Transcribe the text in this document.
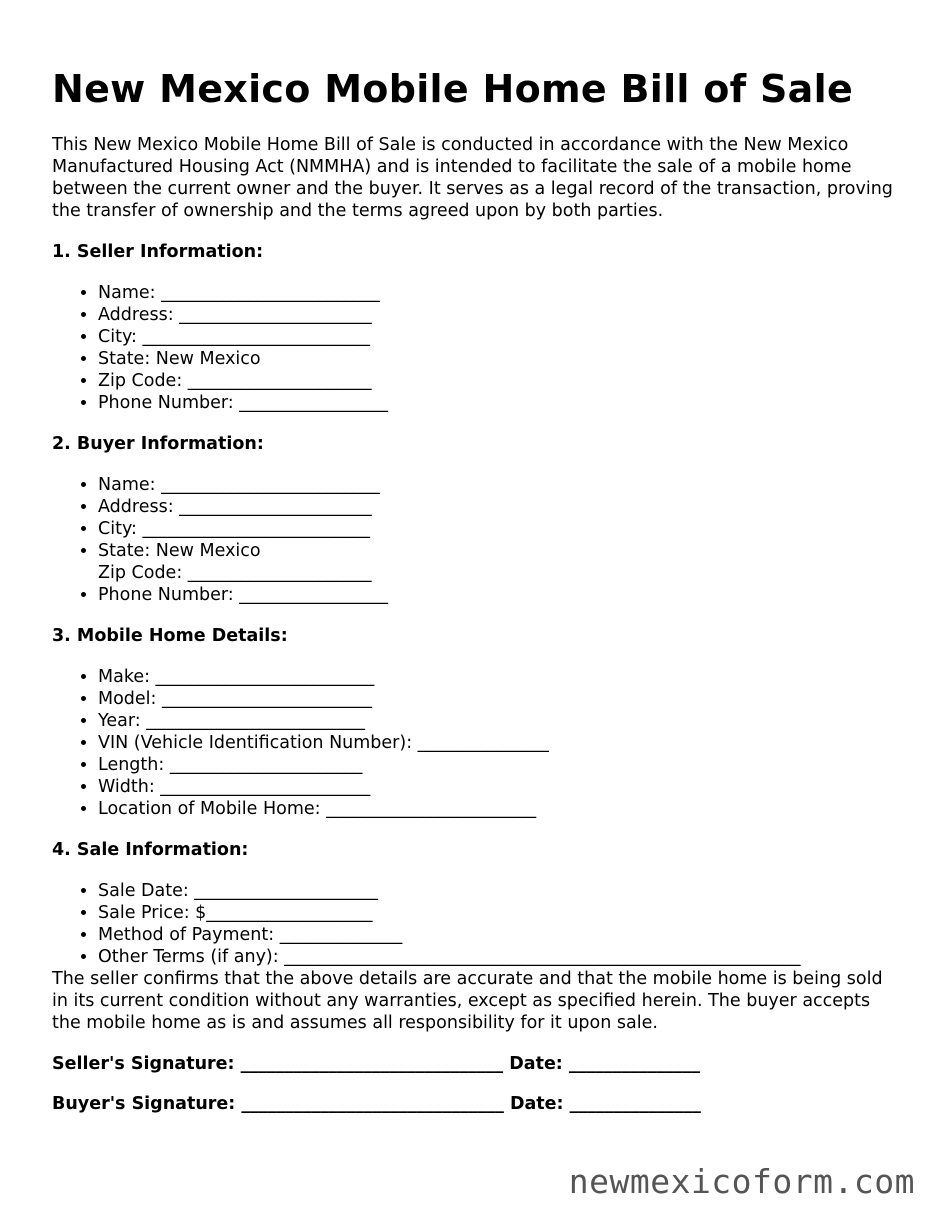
New Mexico Mobile Home Bill of Sale

This New Mexico Mobile Home Bill of Sale is conducted in accordance with the New Mexico Manufactured Housing Act (NMMHA) and is intended to facilitate the sale of a mobile home between the current owner and the buyer. It serves as a legal record of the transaction, proving the transfer of ownership and the terms agreed upon by both parties.

1. Seller Information:
• Name: _________________________
• Address: ______________________
• City: __________________________
• State: New Mexico
• Zip Code: _____________________
• Phone Number: _________________
2. Buyer Information:
• Name: _________________________
• Address: ______________________
• City: __________________________
• State: New Mexico
Zip Code: _____________________
• Phone Number: _________________
3. Mobile Home Details:
• Make: _________________________
• Model: ________________________
• Year: _________________________
• VIN (Vehicle Identification Number): _______________
• Length: ______________________
• Width: ________________________
• Location of Mobile Home: ________________________
4. Sale Information:
• Sale Date: _____________________
• Sale Price: $___________________
• Method of Payment: ______________
• Other Terms (if any): ___________________________________________________________

The seller confirms that the above details are accurate and that the mobile home is being sold in its current condition without any warranties, except as specified herein. The buyer accepts the mobile home as is and assumes all responsibility for it upon sale.

Seller's Signature: ______________________________ Date: _______________

Buyer's Signature: ______________________________ Date: _______________

newmexicoform.com
